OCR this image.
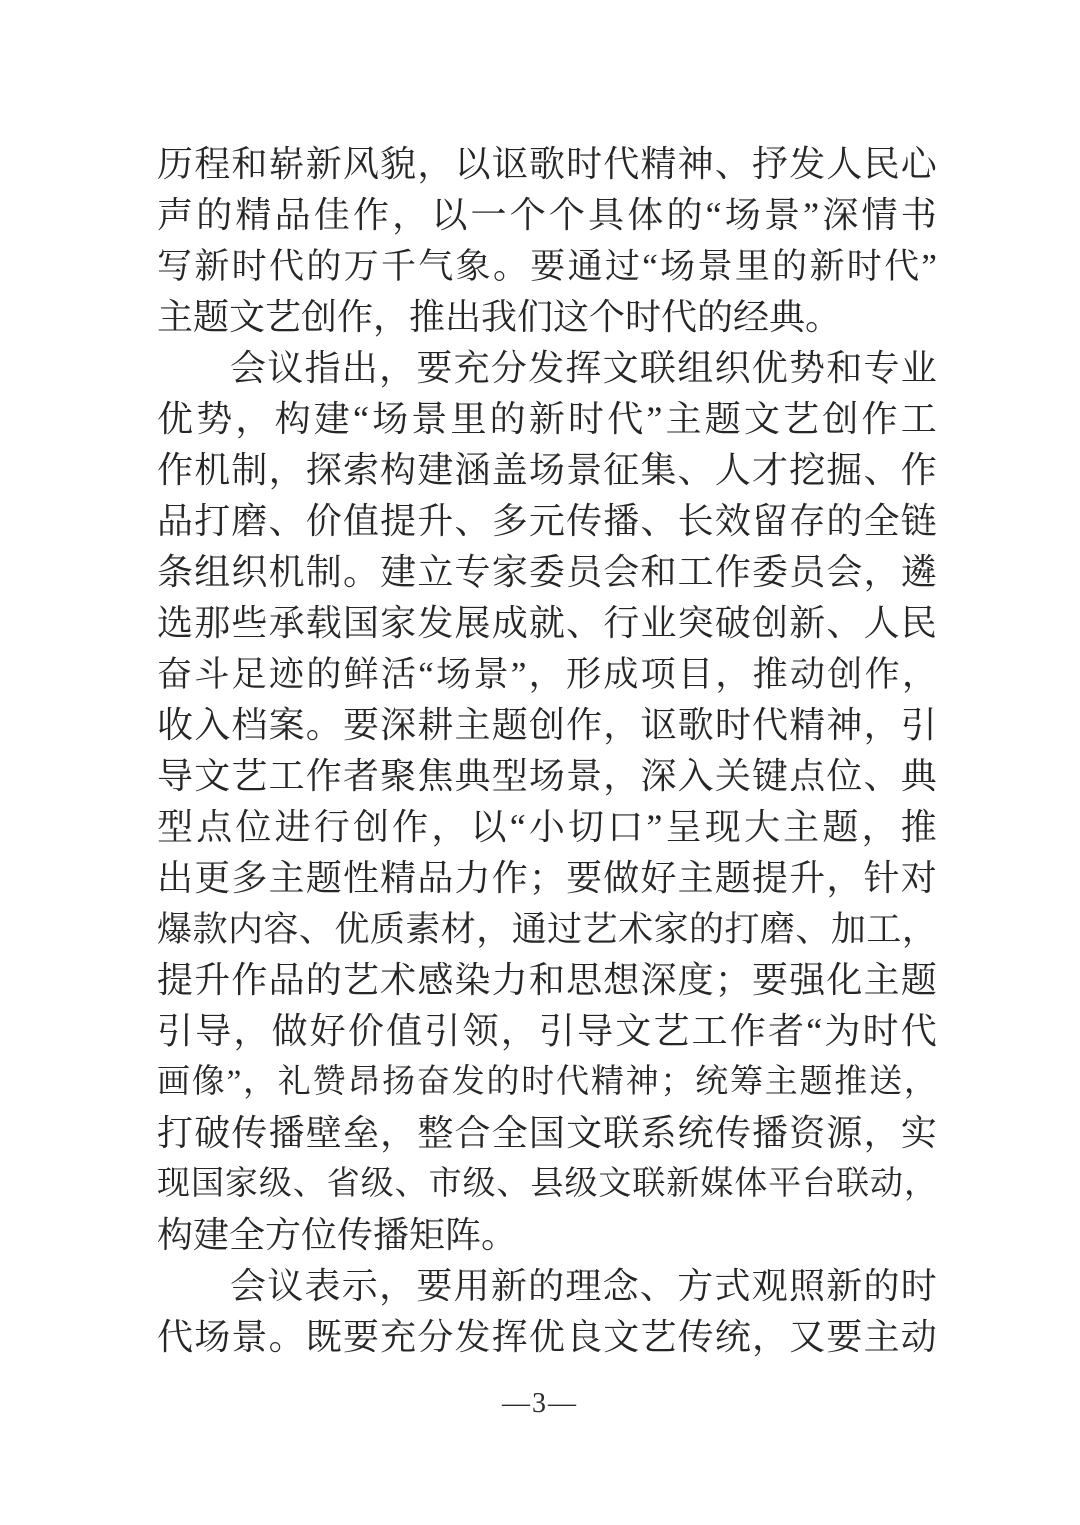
历 程 和 崭 新 风 貌 ， 以 讴 歌 时 代 精 神 、 抒 发 人 民 心
声 的 精 品 佳 作 ， 以 一 个 个 具 体 的 “ 场 景 ” 深 情 书
写 新 时 代 的 万 千 气 象 。 要 通 过 “ 场 景 里 的 新 时 代 ”
主题文艺创作，推出我们这个时代的经典。
会 议 指 出 ， 要 充 分 发 挥 文 联 组 织 优 势 和 专 业
优 势 ， 构 建 “ 场 景 里 的 新 时 代 ” 主 题 文 艺 创 作 工
作 机 制 ， 探 索 构 建 涵 盖 场 景 征 集 、 人 才 挖 掘 、 作
品 打 磨 、 价 值 提 升 、 多 元 传 播 、 长 效 留 存 的 全 链
条 组 织 机 制 。 建 立 专 家 委 员 会 和 工 作 委 员 会 ， 遴
选 那 些 承 载 国 家 发 展 成 就 、 行 业 突 破 创 新 、 人 民
奋 斗 足 迹 的 鲜 活 “ 场 景 ” ， 形 成 项 目 ， 推 动 创 作 ，
收 入 档 案 。 要 深 耕 主 题 创 作 ， 讴 歌 时 代 精 神 ， 引
导 文 艺 工 作 者 聚 焦 典 型 场 景 ， 深 入 关 键 点 位 、 典
型 点 位 进 行 创 作 ， 以 “ 小 切 口 ” 呈 现 大 主 题 ， 推
出 更 多 主 题 性 精 品 力 作 ； 要 做 好 主 题 提 升 ， 针 对
爆 款 内 容 、 优 质 素 材 ， 通 过 艺 术 家 的 打 磨 、 加 工 ，
提 升 作 品 的 艺 术 感 染 力 和 思 想 深 度 ； 要 强 化 主 题
引 导 ， 做 好 价 值 引 领 ， 引 导 文 艺 工 作 者 “ 为 时 代
画 像 ” ， 礼 赞 昂 扬 奋 发 的 时 代 精 神 ； 统 筹 主 题 推 送 ，
打 破 传 播 壁 垒 ， 整 合 全 国 文 联 系 统 传 播 资 源 ， 实
现 国 家 级 、 省 级 、 市 级 、 县 级 文 联 新 媒 体 平 台 联 动 ，
构建全方位传播矩阵。
会 议 表 示 ， 要 用 新 的 理 念 、 方 式 观 照 新 的 时
代 场 景 。 既 要 充 分 发 挥 优 良 文 艺 传 统 ， 又 要 主 动
—3—
